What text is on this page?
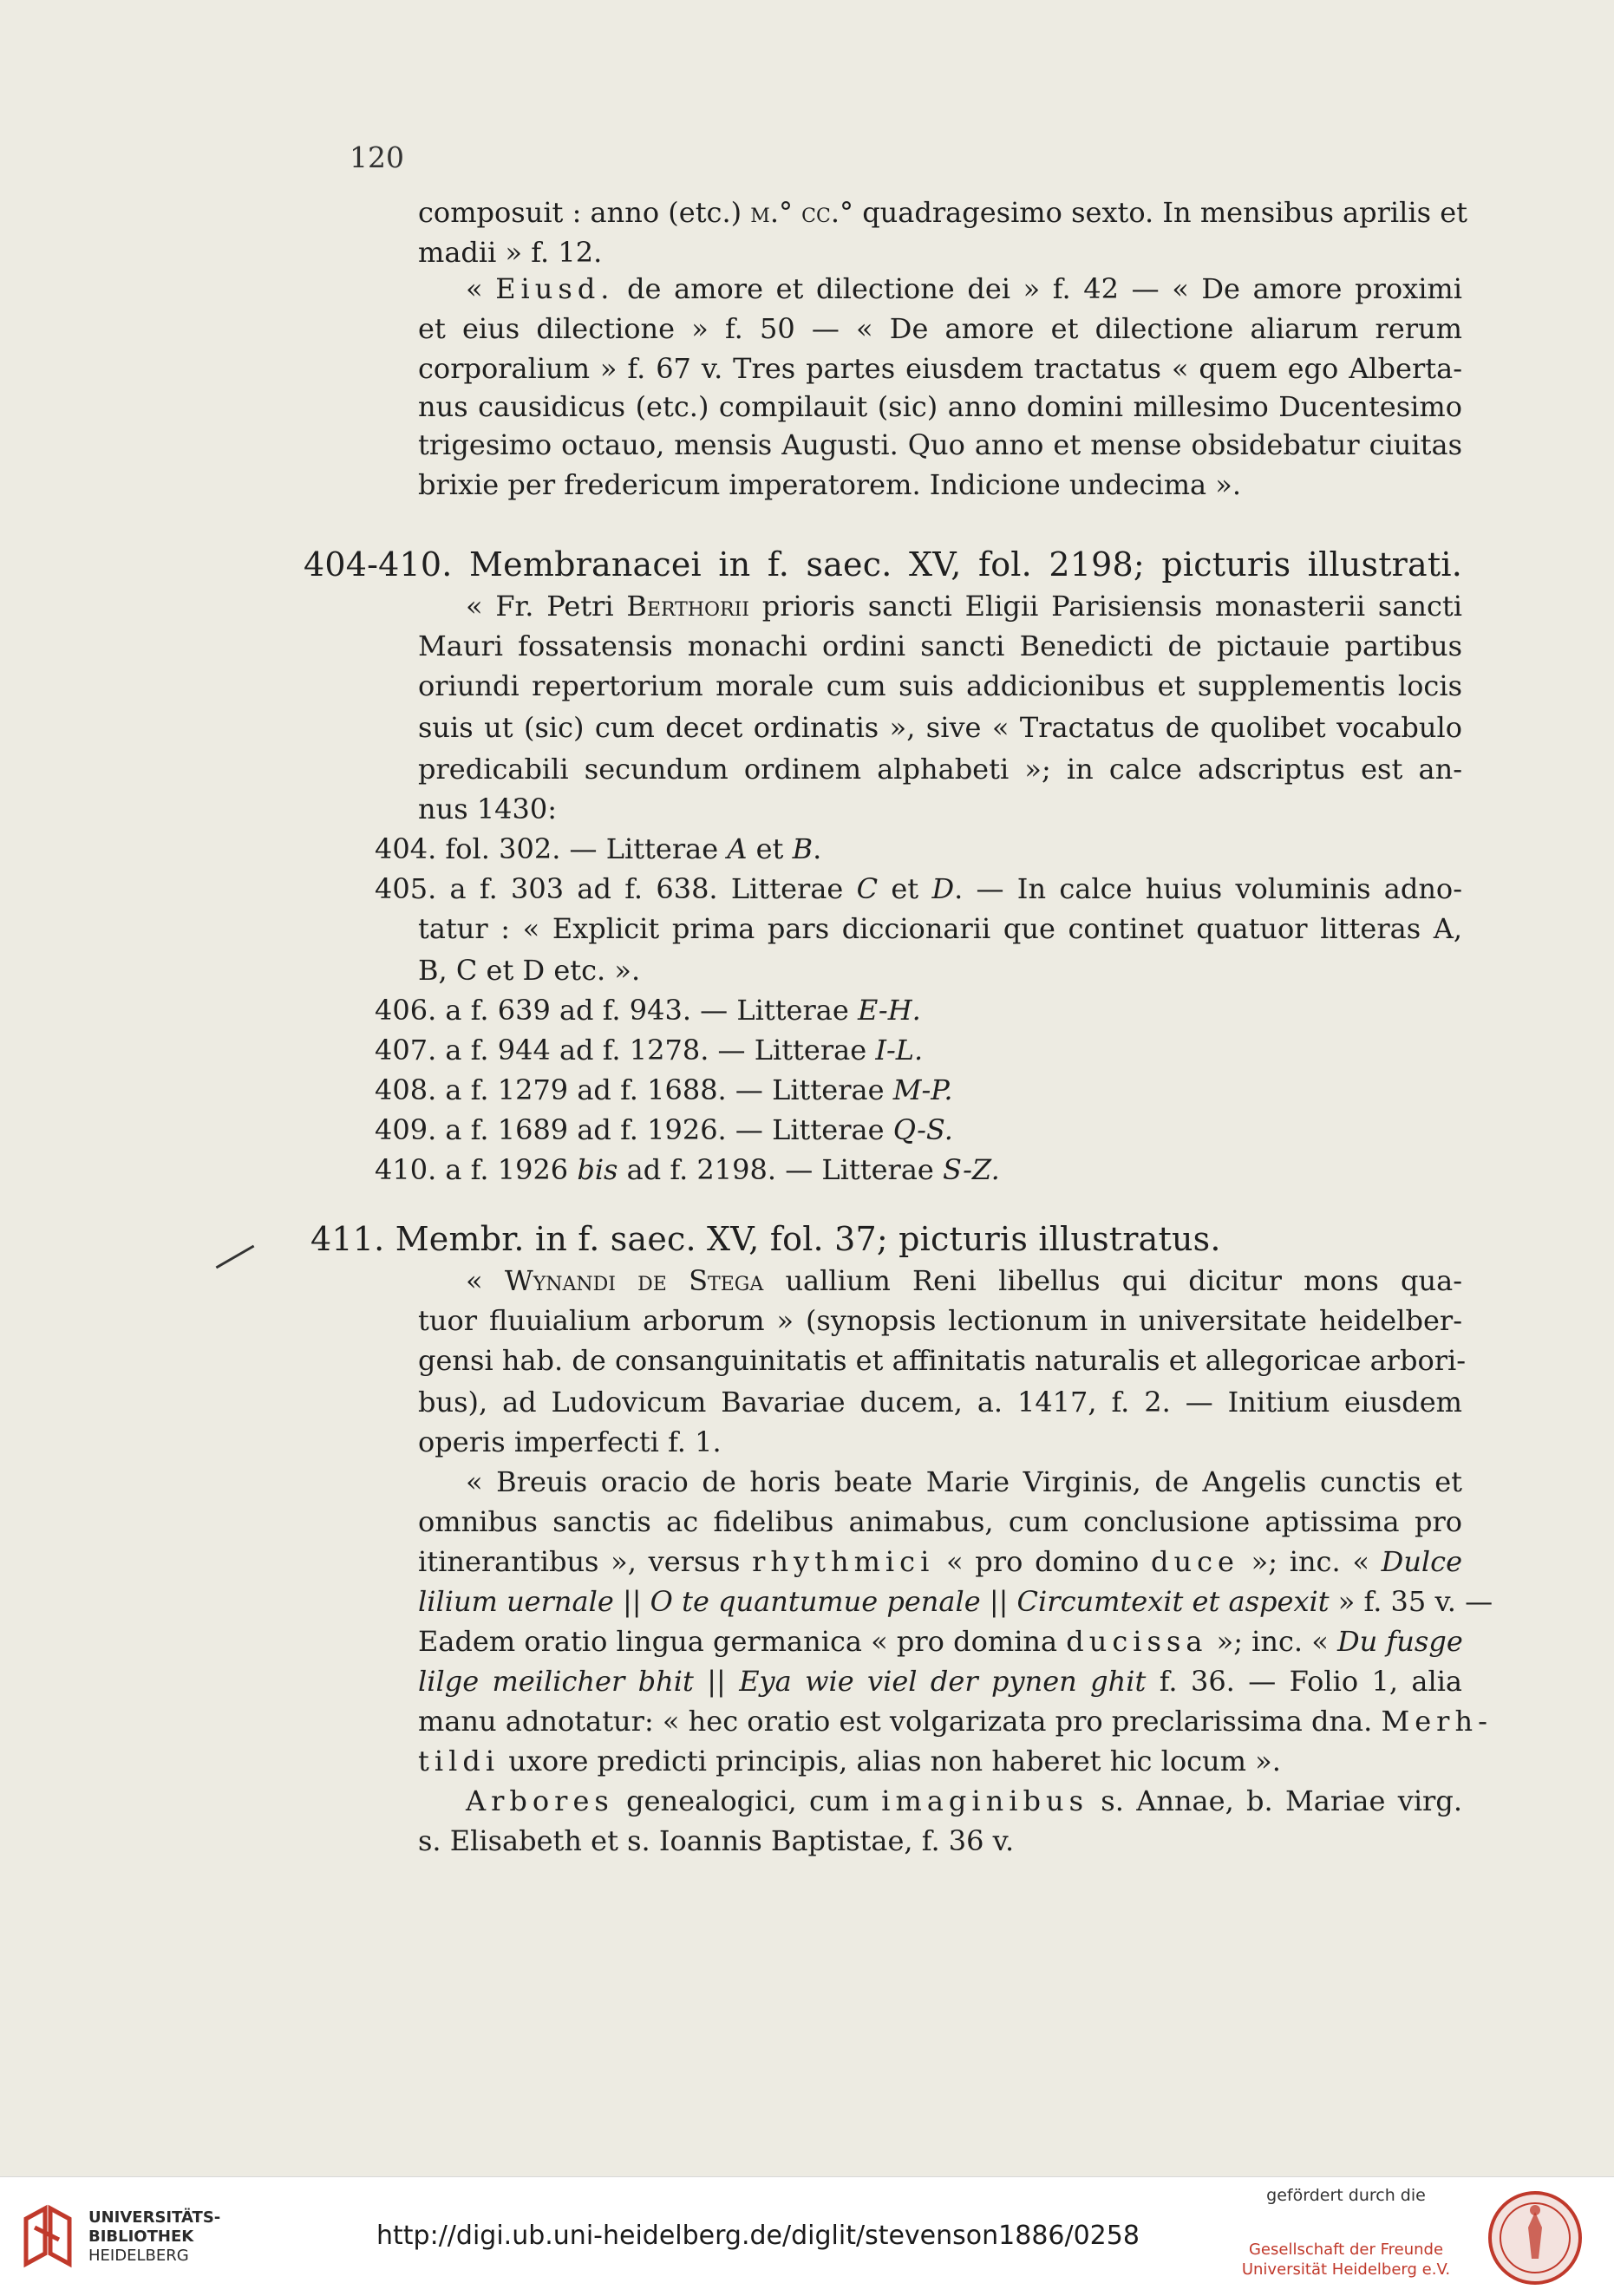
120
composuit : anno (etc.) m.° cc.° quadragesimo sexto. In mensibus aprilis et
madii » f. 12.
« Eiusd. de amore et dilectione dei » f. 42 — « De amore proximi
et eius dilectione » f. 50 — « De amore et dilectione aliarum rerum
corporalium » f. 67 v. Tres partes eiusdem tractatus « quem ego Alberta-
nus causidicus (etc.) compilauit (sic) anno domini millesimo Ducentesimo
trigesimo octauo, mensis Augusti. Quo anno et mense obsidebatur ciuitas
brixie per fredericum imperatorem. Indicione undecima ».
404-410. Membranacei in f. saec. XV, fol. 2198; picturis illustrati.
« Fr. Petri Berthorii prioris sancti Eligii Parisiensis monasterii sancti
Mauri fossatensis monachi ordini sancti Benedicti de pictauie partibus
oriundi repertorium morale cum suis addicionibus et supplementis locis
suis ut (sic) cum decet ordinatis », sive « Tractatus de quolibet vocabulo
predicabili secundum ordinem alphabeti »; in calce adscriptus est an-
nus 1430:
404. fol. 302. — Litterae A et B.
405. a f. 303 ad f. 638. Litterae C et D. — In calce huius voluminis adno-
tatur : « Explicit prima pars diccionarii que continet quatuor litteras A,
B, C et D etc. ».
406. a f. 639 ad f. 943. — Litterae E-H.
407. a f. 944 ad f. 1278. — Litterae I-L.
408. a f. 1279 ad f. 1688. — Litterae M-P.
409. a f. 1689 ad f. 1926. — Litterae Q-S.
410. a f. 1926 bis ad f. 2198. — Litterae S-Z.
411. Membr. in f. saec. XV, fol. 37; picturis illustratus.
« Wynandi de Stega uallium Reni libellus qui dicitur mons qua-
tuor fluuialium arborum » (synopsis lectionum in universitate heidelber-
gensi hab. de consanguinitatis et affinitatis naturalis et allegoricae arbori-
bus), ad Ludovicum Bavariae ducem, a. 1417, f. 2. — Initium eiusdem
operis imperfecti f. 1.
« Breuis oracio de horis beate Marie Virginis, de Angelis cunctis et
omnibus sanctis ac fidelibus animabus, cum conclusione aptissima pro
itinerantibus », versus rhythmici « pro domino duce »; inc. « Dulce
lilium uernale || O te quantumue penale || Circumtexit et aspexit » f. 35 v. —
Eadem oratio lingua germanica « pro domina ducissa »; inc. « Du fusge
lilge meilicher bhit || Eya wie viel der pynen ghit f. 36. — Folio 1, alia
manu adnotatur: « hec oratio est volgarizata pro preclarissima dna. Merh-
tildi uxore predicti principis, alias non haberet hic locum ».
Arbores genealogici, cum imaginibus s. Annae, b. Mariae virg.
s. Elisabeth et s. Ioannis Baptistae, f. 36 v.
UNIVERSITÄTS-
BIBLIOTHEK
HEIDELBERG
http://digi.ub.uni-heidelberg.de/diglit/stevenson1886/0258
gefördert durch die
Gesellschaft der Freunde
Universität Heidelberg e.V.
